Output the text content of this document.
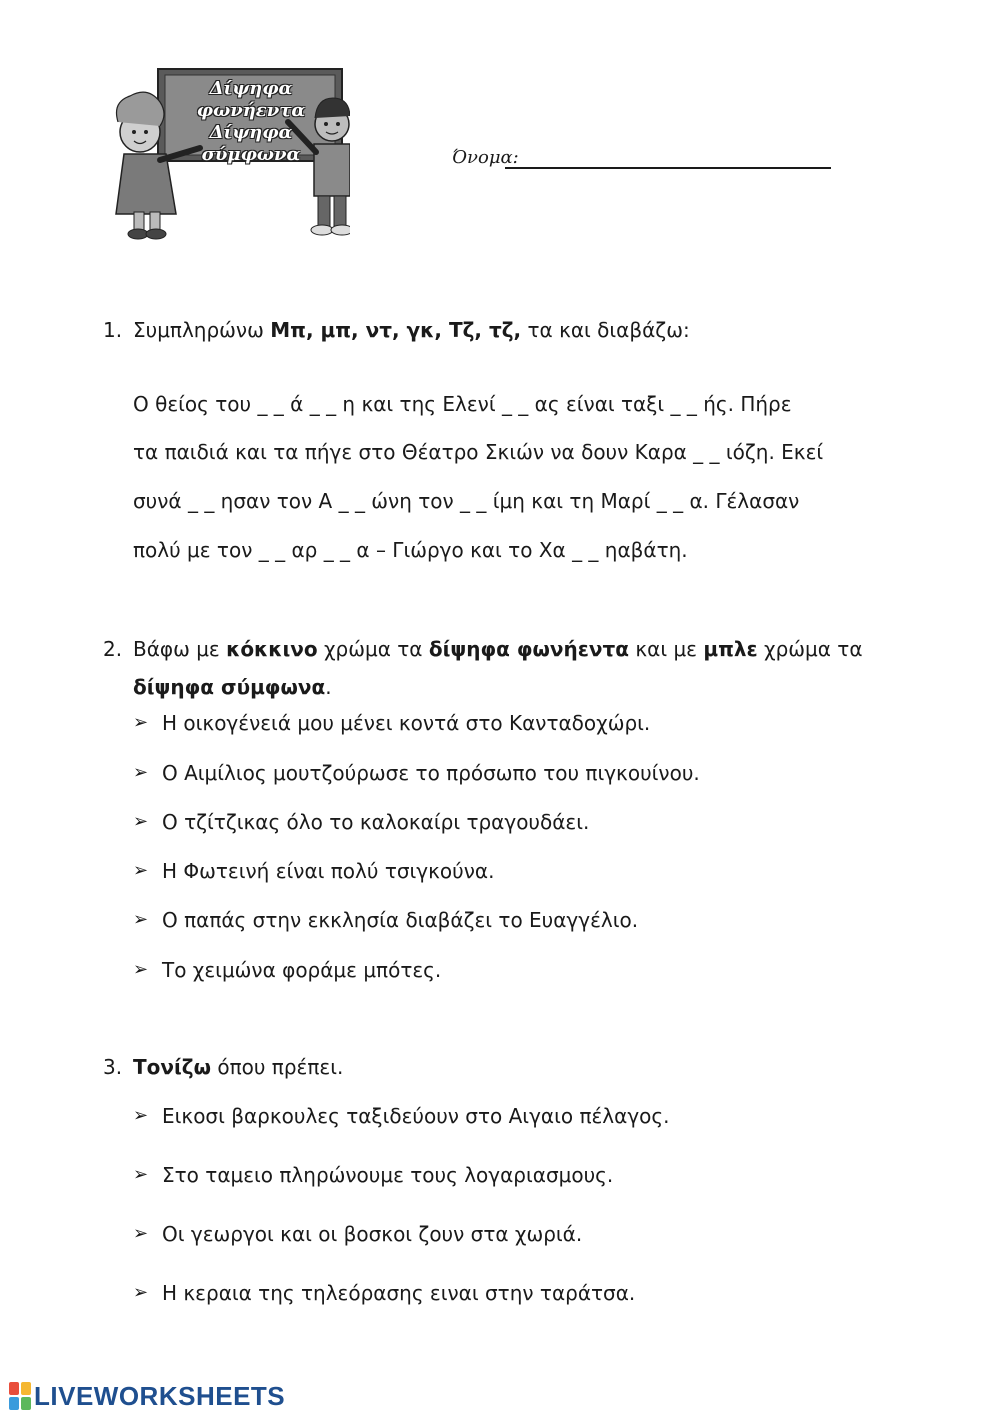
Δίψηφα φωνήεντα
Δίψηφα σύμφωνα	Όνομα:
1. Συμπληρώνω Μπ, μπ, ντ, γκ, Τζ, τζ, τα και διαβάζω:
Ο θείος του _ _ ά _ _ η και της Ελενί _ _ ας είναι ταξι _ _ ής. Πήρε
τα παιδιά και τα πήγε στο Θέατρο Σκιών να δουν Καρα _ _ ιόζη. Εκεί
συνά _ _ ησαν τον Α _ _ ώνη τον _ _ ίμη και τη Μαρί _ _ α. Γέλασαν
πολύ με τον _ _ αρ _ _ α – Γιώργο και το Χα _ _ ηαβάτη.
2. Βάφω με κόκκινο χρώμα τα δίψηφα φωνήεντα και με μπλε χρώμα τα
δίψηφα σύμφωνα.
➢ Η οικογένειά μου μένει κοντά στο Κανταδοχώρι.
➢ Ο Αιμίλιος μουτζούρωσε το πρόσωπο του πιγκουίνου.
➢ Ο τζίτζικας όλο το καλοκαίρι τραγουδάει.
➢ Η Φωτεινή είναι πολύ τσιγκούνα.
➢ Ο παπάς στην εκκλησία διαβάζει το Ευαγγέλιο.
➢ Το χειμώνα φοράμε μπότες.
3. Τονίζω όπου πρέπει.
➢ Εικοσι βαρκουλες ταξιδεύουν στο Αιγαιο πέλαγος.
➢ Στο ταμειο πληρώνουμε τους λογαριασμους.
➢ Οι γεωργοι και οι βοσκοι ζουν στα χωριά.
➢ Η κεραια της τηλεόρασης ειναι στην ταράτσα.
LIVEWORKSHEETS
